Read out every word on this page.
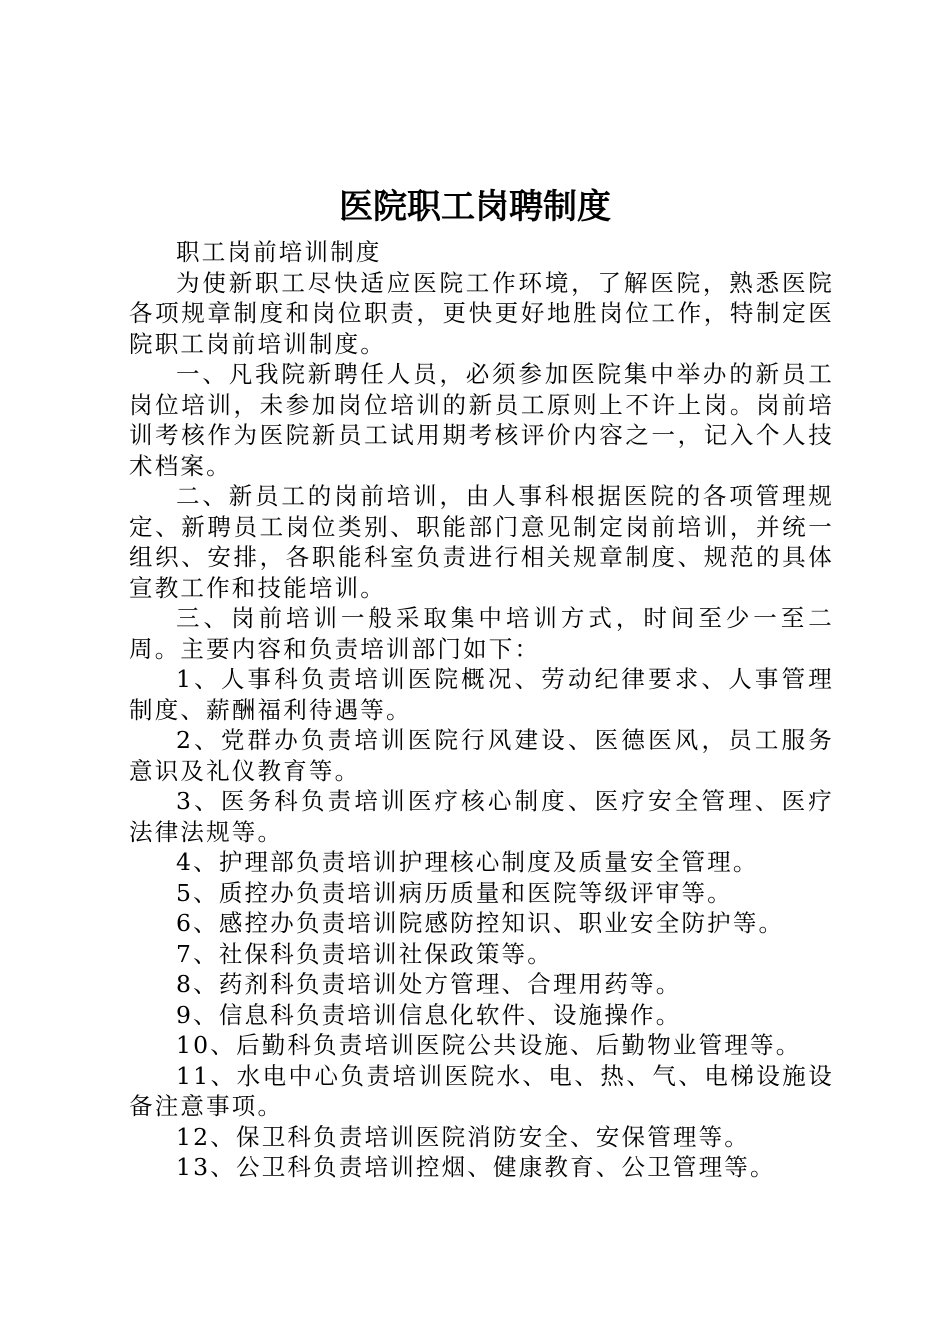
医院职工岗聘制度

职工岗前培训制度

为使新职工尽快适应医院工作环境，了解医院，熟悉医院各项规章制度和岗位职责，更快更好地胜岗位工作，特制定医院职工岗前培训制度。

一、凡我院新聘任人员，必须参加医院集中举办的新员工岗位培训，未参加岗位培训的新员工原则上不许上岗。岗前培训考核作为医院新员工试用期考核评价内容之一，记入个人技术档案。

二、新员工的岗前培训，由人事科根据医院的各项管理规定、新聘员工岗位类别、职能部门意见制定岗前培训，并统一组织、安排，各职能科室负责进行相关规章制度、规范的具体宣教工作和技能培训。

三、岗前培训一般采取集中培训方式，时间至少一至二周。主要内容和负责培训部门如下：

1、人事科负责培训医院概况、劳动纪律要求、人事管理制度、薪酬福利待遇等。

2、党群办负责培训医院行风建设、医德医风，员工服务意识及礼仪教育等。

3、医务科负责培训医疗核心制度、医疗安全管理、医疗法律法规等。

4、护理部负责培训护理核心制度及质量安全管理。

5、质控办负责培训病历质量和医院等级评审等。

6、感控办负责培训院感防控知识、职业安全防护等。

7、社保科负责培训社保政策等。

8、药剂科负责培训处方管理、合理用药等。

9、信息科负责培训信息化软件、设施操作。

10、后勤科负责培训医院公共设施、后勤物业管理等。

11、水电中心负责培训医院水、电、热、气、电梯设施设备注意事项。

12、保卫科负责培训医院消防安全、安保管理等。

13、公卫科负责培训控烟、健康教育、公卫管理等。
